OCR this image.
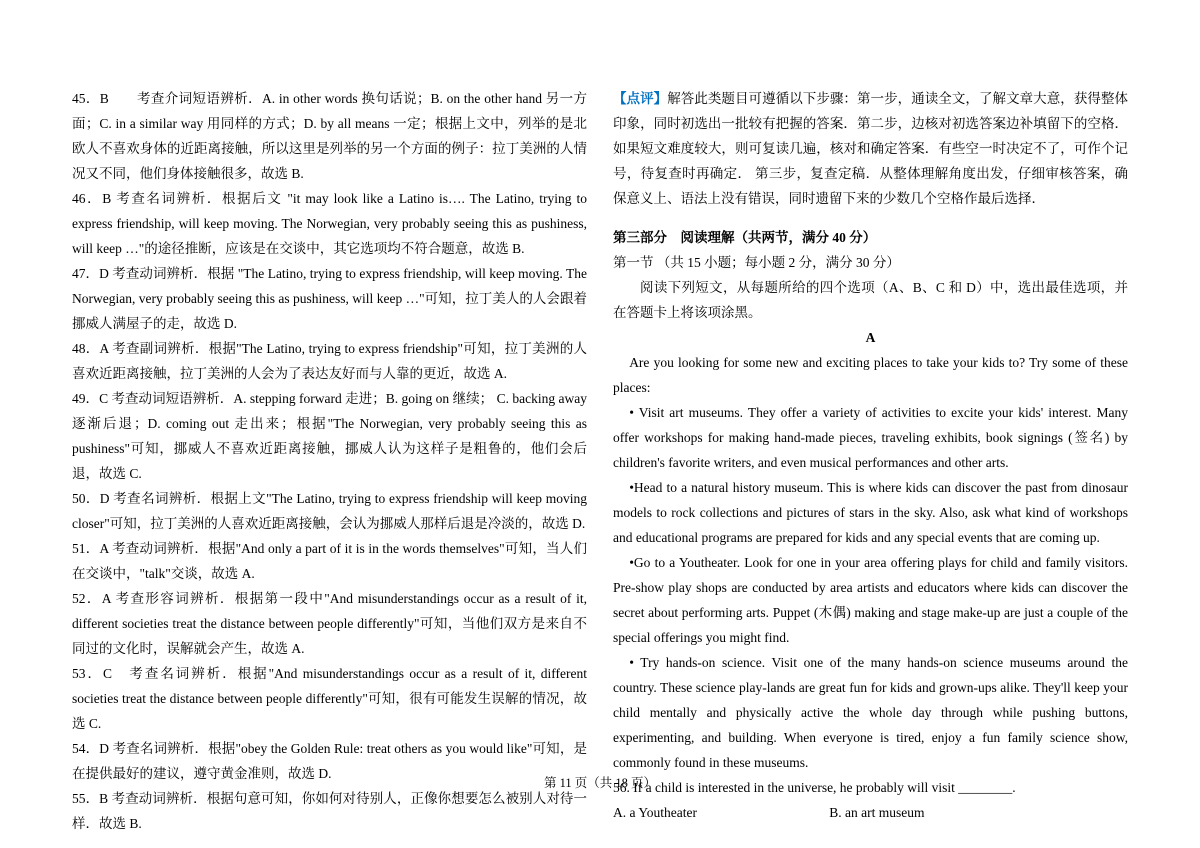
45．B　　考查介词短语辨析．A. in other words 换句话说；B. on the other hand 另一方面；C. in a similar way 用同样的方式；D. by all means 一定；根据上文中，列举的是北欧人不喜欢身体的近距离接触，所以这里是列举的另一个方面的例子：拉丁美洲的人情况又不同，他们身体接触很多，故选 B.

46．B 考查名词辨析．根据后文 "it may look like a Latino is…. The Latino, trying to express friendship, will keep moving. The Norwegian, very probably seeing this as pushiness, will keep …"的途径推断，应该是在交谈中，其它选项均不符合题意，故选 B.

47．D 考查动词辨析．根据 "The Latino, trying to express friendship, will keep moving. The Norwegian, very probably seeing this as pushiness, will keep …"可知，拉丁美人的人会跟着挪威人满屋子的走，故选 D.

48．A 考查副词辨析．根据"The Latino, trying to express friendship"可知，拉丁美洲的人喜欢近距离接触，拉丁美洲的人会为了表达友好而与人靠的更近，故选 A.

49．C 考查动词短语辨析．A. stepping forward 走进；B. going on 继续； C. backing away 逐渐后退；D. coming out 走出来；根据"The Norwegian, very probably seeing this as pushiness"可知，挪威人不喜欢近距离接触，挪威人认为这样子是粗鲁的，他们会后退，故选 C.

50．D 考查名词辨析．根据上文"The Latino, trying to express friendship will keep moving closer"可知，拉丁美洲的人喜欢近距离接触，会认为挪威人那样后退是冷淡的，故选 D.

51．A 考查动词辨析．根据"And only a part of it is in the words themselves"可知，当人们在交谈中，"talk"交谈，故选 A.

52．A 考查形容词辨析．根据第一段中"And misunderstandings occur as a result of it, different societies treat the distance between people differently"可知，当他们双方是来自不同过的文化时，误解就会产生，故选 A.

53．C　考查名词辨析．根据"And misunderstandings occur as a result of it, different societies treat the distance between people differently"可知，很有可能发生误解的情况，故选 C.

54．D 考查名词辨析．根据"obey the Golden Rule: treat others as you would like"可知，是在提供最好的建议，遵守黄金准则，故选 D.

55．B 考查动词辨析．根据句意可知，你如何对待别人，正像你想要怎么被别人对待一样．故选 B.

【点评】解答此类题目可遵循以下步骤：第一步，通读全文，了解文章大意，获得整体印象，同时初选出一批较有把握的答案．第二步，边核对初选答案边补填留下的空格．如果短文难度较大，则可复读几遍，核对和确定答案．有些空一时决定不了，可作个记号，待复查时再确定． 第三步，复查定稿．从整体理解角度出发，仔细审核答案，确保意义上、语法上没有错误，同时遗留下来的少数几个空格作最后选择．

第三部分　阅读理解（共两节，满分 40 分）

第一节 （共 15 小题；每小题 2 分，满分 30 分）

阅读下列短文，从每题所给的四个选项（A、B、C 和 D）中，选出最佳选项，并在答题卡上将该项涂黑。

A

Are you looking for some new and exciting places to take your kids to? Try some of these places:

• Visit art museums. They offer a variety of activities to excite your kids' interest. Many offer workshops for making hand-made pieces, traveling exhibits, book signings (签名) by children's favorite writers, and even musical performances and other arts.

•Head to a natural history museum. This is where kids can discover the past from dinosaur models to rock collections and pictures of stars in the sky. Also, ask what kind of workshops and educational programs are prepared for kids and any special events that are coming up.

•Go to a Youtheater. Look for one in your area offering plays for child and family visitors. Pre-show play shops are conducted by area artists and educators where kids can discover the secret about performing arts. Puppet (木偶) making and stage make-up are just a couple of the special offerings you might find.

• Try hands-on science. Visit one of the many hands-on science museums around the country. These science play-lands are great fun for kids and grown-ups alike. They'll keep your child mentally and physically active the whole day through while pushing buttons, experimenting, and building. When everyone is tired, enjoy a fun family science show, commonly found in these museums.

56. If a child is interested in the universe, he probably will visit ________.

A. a Youtheater	B. an art museum
第 11 页（共 18 页）
